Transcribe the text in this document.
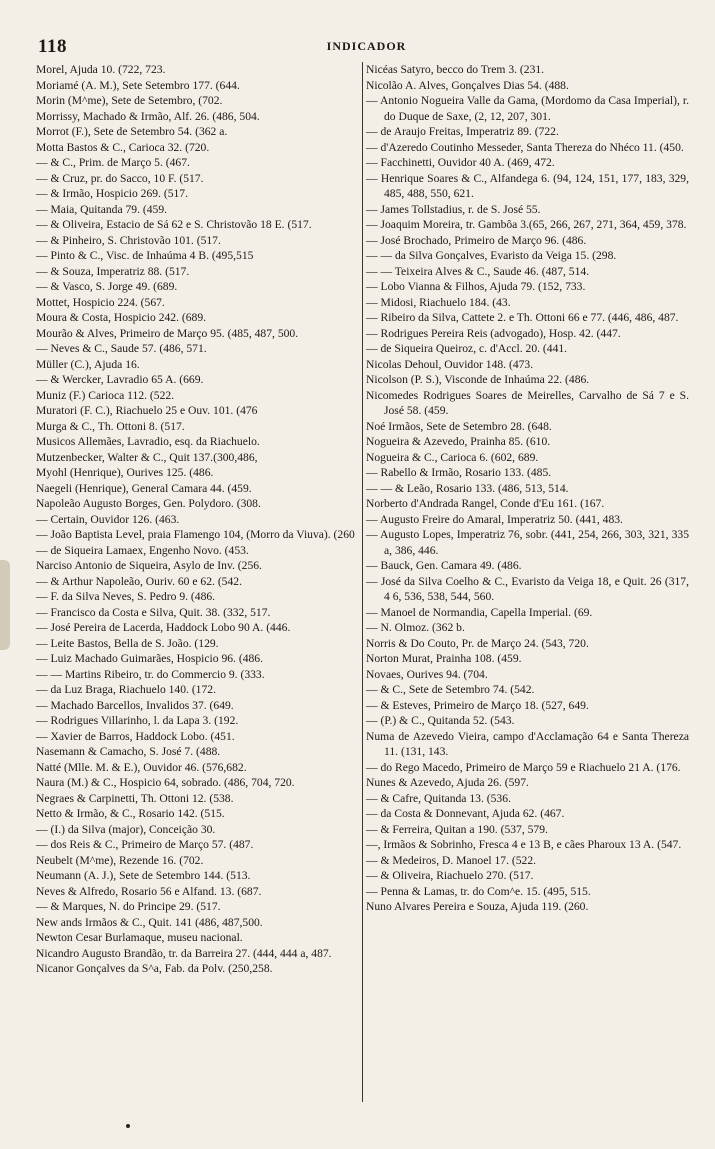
118	INDICADOR
Morel, Ajuda 10. (722, 723.
Moriamé (A. M.), Sete Setembro 177. (644.
Morin (M^me), Sete de Setembro, (702.
Morrissy, Machado & Irmão, Alf. 26. (486, 504.
Morrot (F.), Sete de Setembro 54. (362 a.
Motta Bastos & C., Carioca 32. (720.
— & C., Prim. de Março 5. (467.
— & Cruz, pr. do Sacco, 10 F. (517.
— & Irmão, Hospicio 269. (517.
— Maia, Quitanda 79. (459.
— & Oliveira, Estacio de Sá 62 e S. Christovão 18 E. (517.
— & Pinheiro, S. Christovão 101. (517.
— Pinto & C., Visc. de Inhaúma 4 B. (495,515
— & Souza, Imperatriz 88. (517.
— & Vasco, S. Jorge 49. (689.
Mottet, Hospicio 224. (567.
Moura & Costa, Hospicio 242. (689.
Mourão & Alves, Primeiro de Março 95. (485, 487, 500.
— Neves & C., Saude 57. (486, 571.
Müller (C.), Ajuda 16.
— & Wercker, Lavradio 65 A. (669.
Muniz (F.) Carioca 112. (522.
Muratori (F. C.), Riachuelo 25 e Ouv. 101. (476
Murga & C., Th. Ottoni 8. (517.
Musicos Allemães, Lavradio, esq. da Riachuelo.
Mutzenbecker, Walter & C., Quit 137.(300,486,
Myohl (Henrique), Ourives 125. (486.
Naegeli (Henrique), General Camara 44. (459.
Napoleão Augusto Borges, Gen. Polydoro. (308.
— Certain, Ouvidor 126. (463.
— João Baptista Level, praia Flamengo 104, (Morro da Viuva). (260
— de Siqueira Lamaex, Engenho Novo. (453.
Narciso Antonio de Siqueira, Asylo de Inv. (256.
— & Arthur Napoleão, Ouriv. 60 e 62. (542.
— F. da Silva Neves, S. Pedro 9. (486.
— Francisco da Costa e Silva, Quit. 38. (332, 517.
— José Pereira de Lacerda, Haddock Lobo 90 A. (446.
— Leite Bastos, Bella de S. João. (129.
— Luiz Machado Guimarães, Hospicio 96. (486.
— — Martins Ribeiro, tr. do Commercio 9. (333.
— da Luz Braga, Riachuelo 140. (172.
— Machado Barcellos, Invalidos 37. (649.
— Rodrigues Villarinho, l. da Lapa 3. (192.
— Xavier de Barros, Haddock Lobo. (451.
Nasemann & Camacho, S. José 7. (488.
Natté (Mlle. M. & E.), Ouvidor 46. (576,682.
Naura (M.) & C., Hospicio 64, sobrado. (486, 704, 720.
Negraes & Carpinetti, Th. Ottoni 12. (538.
Netto & Irmão, & C., Rosario 142. (515.
— (I.) da Silva (major), Conceição 30.
— dos Reis & C., Primeiro de Março 57. (487.
Neubelt (M^me), Rezende 16. (702.
Neumann (A. J.), Sete de Setembro 144. (513.
Neves & Alfredo, Rosario 56 e Alfand. 13. (687.
— & Marques, N. do Principe 29. (517.
New ands Irmãos & C., Quit. 141 (486, 487,500.
Newton Cesar Burlamaque, museu nacional.
Nicandro Augusto Brandão, tr. da Barreira 27. (444, 444 a, 487.
Nicanor Gonçalves da S^a, Fab. da Polv. (250,258.
Nicéas Satyro, becco do Trem 3. (231.
Nicolão A. Alves, Gonçalves Dias 54. (488.
— Antonio Nogueira Valle da Gama, (Mordomo da Casa Imperial), r. do Duque de Saxe, (2, 12, 207, 301.
— de Araujo Freitas, Imperatriz 89. (722.
— d'Azeredo Coutinho Messeder, Santa Thereza do Nhéco 11. (450.
— Facchinetti, Ouvidor 40 A. (469, 472.
— Henrique Soares & C., Alfandega 6. (94, 124, 151, 177, 183, 329, 485, 488, 550, 621.
— James Tollstadius, r. de S. José 55.
— Joaquim Moreira, tr. Gambôa 3.(65, 266, 267, 271, 364, 459, 378.
— José Brochado, Primeiro de Março 96. (486.
— — da Silva Gonçalves, Evaristo da Veiga 15. (298.
— — Teixeira Alves & C., Saude 46. (487, 514.
— Lobo Vianna & Filhos, Ajuda 79. (152, 733.
— Midosi, Riachuelo 184. (43.
— Ribeiro da Silva, Cattete 2. e Th. Ottoni 66 e 77. (446, 486, 487.
— Rodrigues Pereira Reis (advogado), Hosp. 42. (447.
— de Siqueira Queiroz, c. d'Accl. 20. (441.
Nicolas Dehoul, Ouvidor 148. (473.
Nicolson (P. S.), Visconde de Inhaúma 22. (486.
Nicomedes Rodrigues Soares de Meirelles, Carvalho de Sá 7 e S. José 58. (459.
Noé Irmãos, Sete de Setembro 28. (648.
Nogueira & Azevedo, Prainha 85. (610.
Nogueira & C., Carioca 6. (602, 689.
— Rabello & Irmão, Rosario 133. (485.
— — & Leão, Rosario 133. (486, 513, 514.
Norberto d'Andrada Rangel, Conde d'Eu 161. (167.
— Augusto Freire do Amaral, Imperatriz 50. (441, 483.
— Augusto Lopes, Imperatriz 76, sobr. (441, 254, 266, 303, 321, 335 a, 386, 446.
— Bauck, Gen. Camara 49. (486.
— José da Silva Coelho & C., Evaristo da Veiga 18, e Quit. 26 (317, 4 6, 536, 538, 544, 560.
— Manoel de Normandia, Capella Imperial. (69.
— N. Olmoz. (362 b.
Norris & Do Couto, Pr. de Março 24. (543, 720.
Norton Murat, Prainha 108. (459.
Novaes, Ourives 94. (704.
— & C., Sete de Setembro 74. (542.
— & Esteves, Primeiro de Março 18. (527, 649.
— (P.) & C., Quitanda 52. (543.
Numa de Azevedo Vieira, campo d'Acclamação 64 e Santa Thereza 11. (131, 143.
— do Rego Macedo, Primeiro de Março 59 e Riachuelo 21 A. (176.
Nunes & Azevedo, Ajuda 26. (597.
— & Cafre, Quitanda 13. (536.
— da Costa & Donnevant, Ajuda 62. (467.
— & Ferreira, Quitan a 190. (537, 579.
—, Irmãos & Sobrinho, Fresca 4 e 13 B, e cães Pharoux 13 A. (547.
— & Medeiros, D. Manoel 17. (522.
— & Oliveira, Riachuelo 270. (517.
— Penna & Lamas, tr. do Com^e. 15. (495, 515.
Nuno Alvares Pereira e Souza, Ajuda 119. (260.
